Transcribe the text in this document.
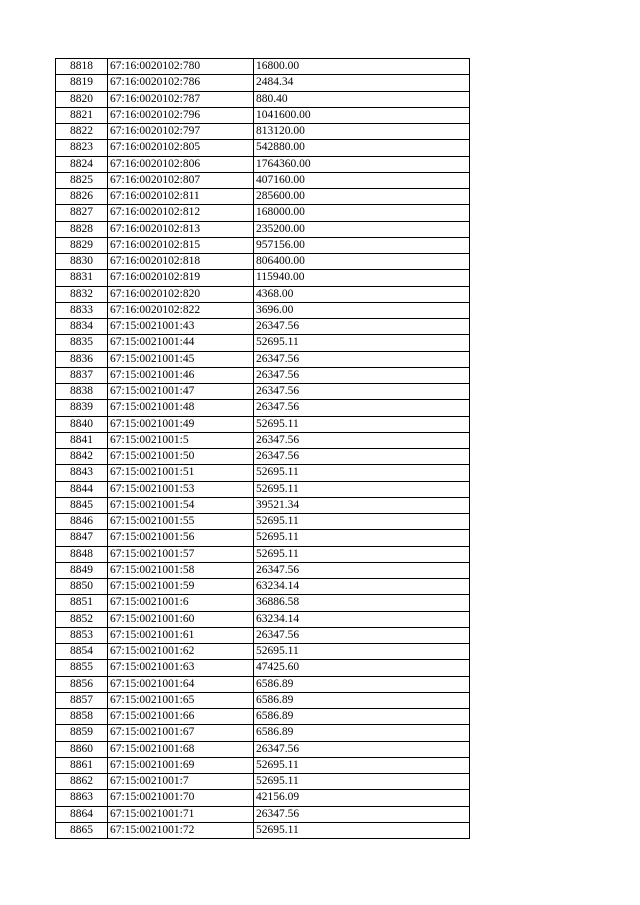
8818	67:16:0020102:780	16800.00
8819	67:16:0020102:786	2484.34
8820	67:16:0020102:787	880.40
8821	67:16:0020102:796	1041600.00
8822	67:16:0020102:797	813120.00
8823	67:16:0020102:805	542880.00
8824	67:16:0020102:806	1764360.00
8825	67:16:0020102:807	407160.00
8826	67:16:0020102:811	285600.00
8827	67:16:0020102:812	168000.00
8828	67:16:0020102:813	235200.00
8829	67:16:0020102:815	957156.00
8830	67:16:0020102:818	806400.00
8831	67:16:0020102:819	115940.00
8832	67:16:0020102:820	4368.00
8833	67:16:0020102:822	3696.00
8834	67:15:0021001:43	26347.56
8835	67:15:0021001:44	52695.11
8836	67:15:0021001:45	26347.56
8837	67:15:0021001:46	26347.56
8838	67:15:0021001:47	26347.56
8839	67:15:0021001:48	26347.56
8840	67:15:0021001:49	52695.11
8841	67:15:0021001:5	26347.56
8842	67:15:0021001:50	26347.56
8843	67:15:0021001:51	52695.11
8844	67:15:0021001:53	52695.11
8845	67:15:0021001:54	39521.34
8846	67:15:0021001:55	52695.11
8847	67:15:0021001:56	52695.11
8848	67:15:0021001:57	52695.11
8849	67:15:0021001:58	26347.56
8850	67:15:0021001:59	63234.14
8851	67:15:0021001:6	36886.58
8852	67:15:0021001:60	63234.14
8853	67:15:0021001:61	26347.56
8854	67:15:0021001:62	52695.11
8855	67:15:0021001:63	47425.60
8856	67:15:0021001:64	6586.89
8857	67:15:0021001:65	6586.89
8858	67:15:0021001:66	6586.89
8859	67:15:0021001:67	6586.89
8860	67:15:0021001:68	26347.56
8861	67:15:0021001:69	52695.11
8862	67:15:0021001:7	52695.11
8863	67:15:0021001:70	42156.09
8864	67:15:0021001:71	26347.56
8865	67:15:0021001:72	52695.11
